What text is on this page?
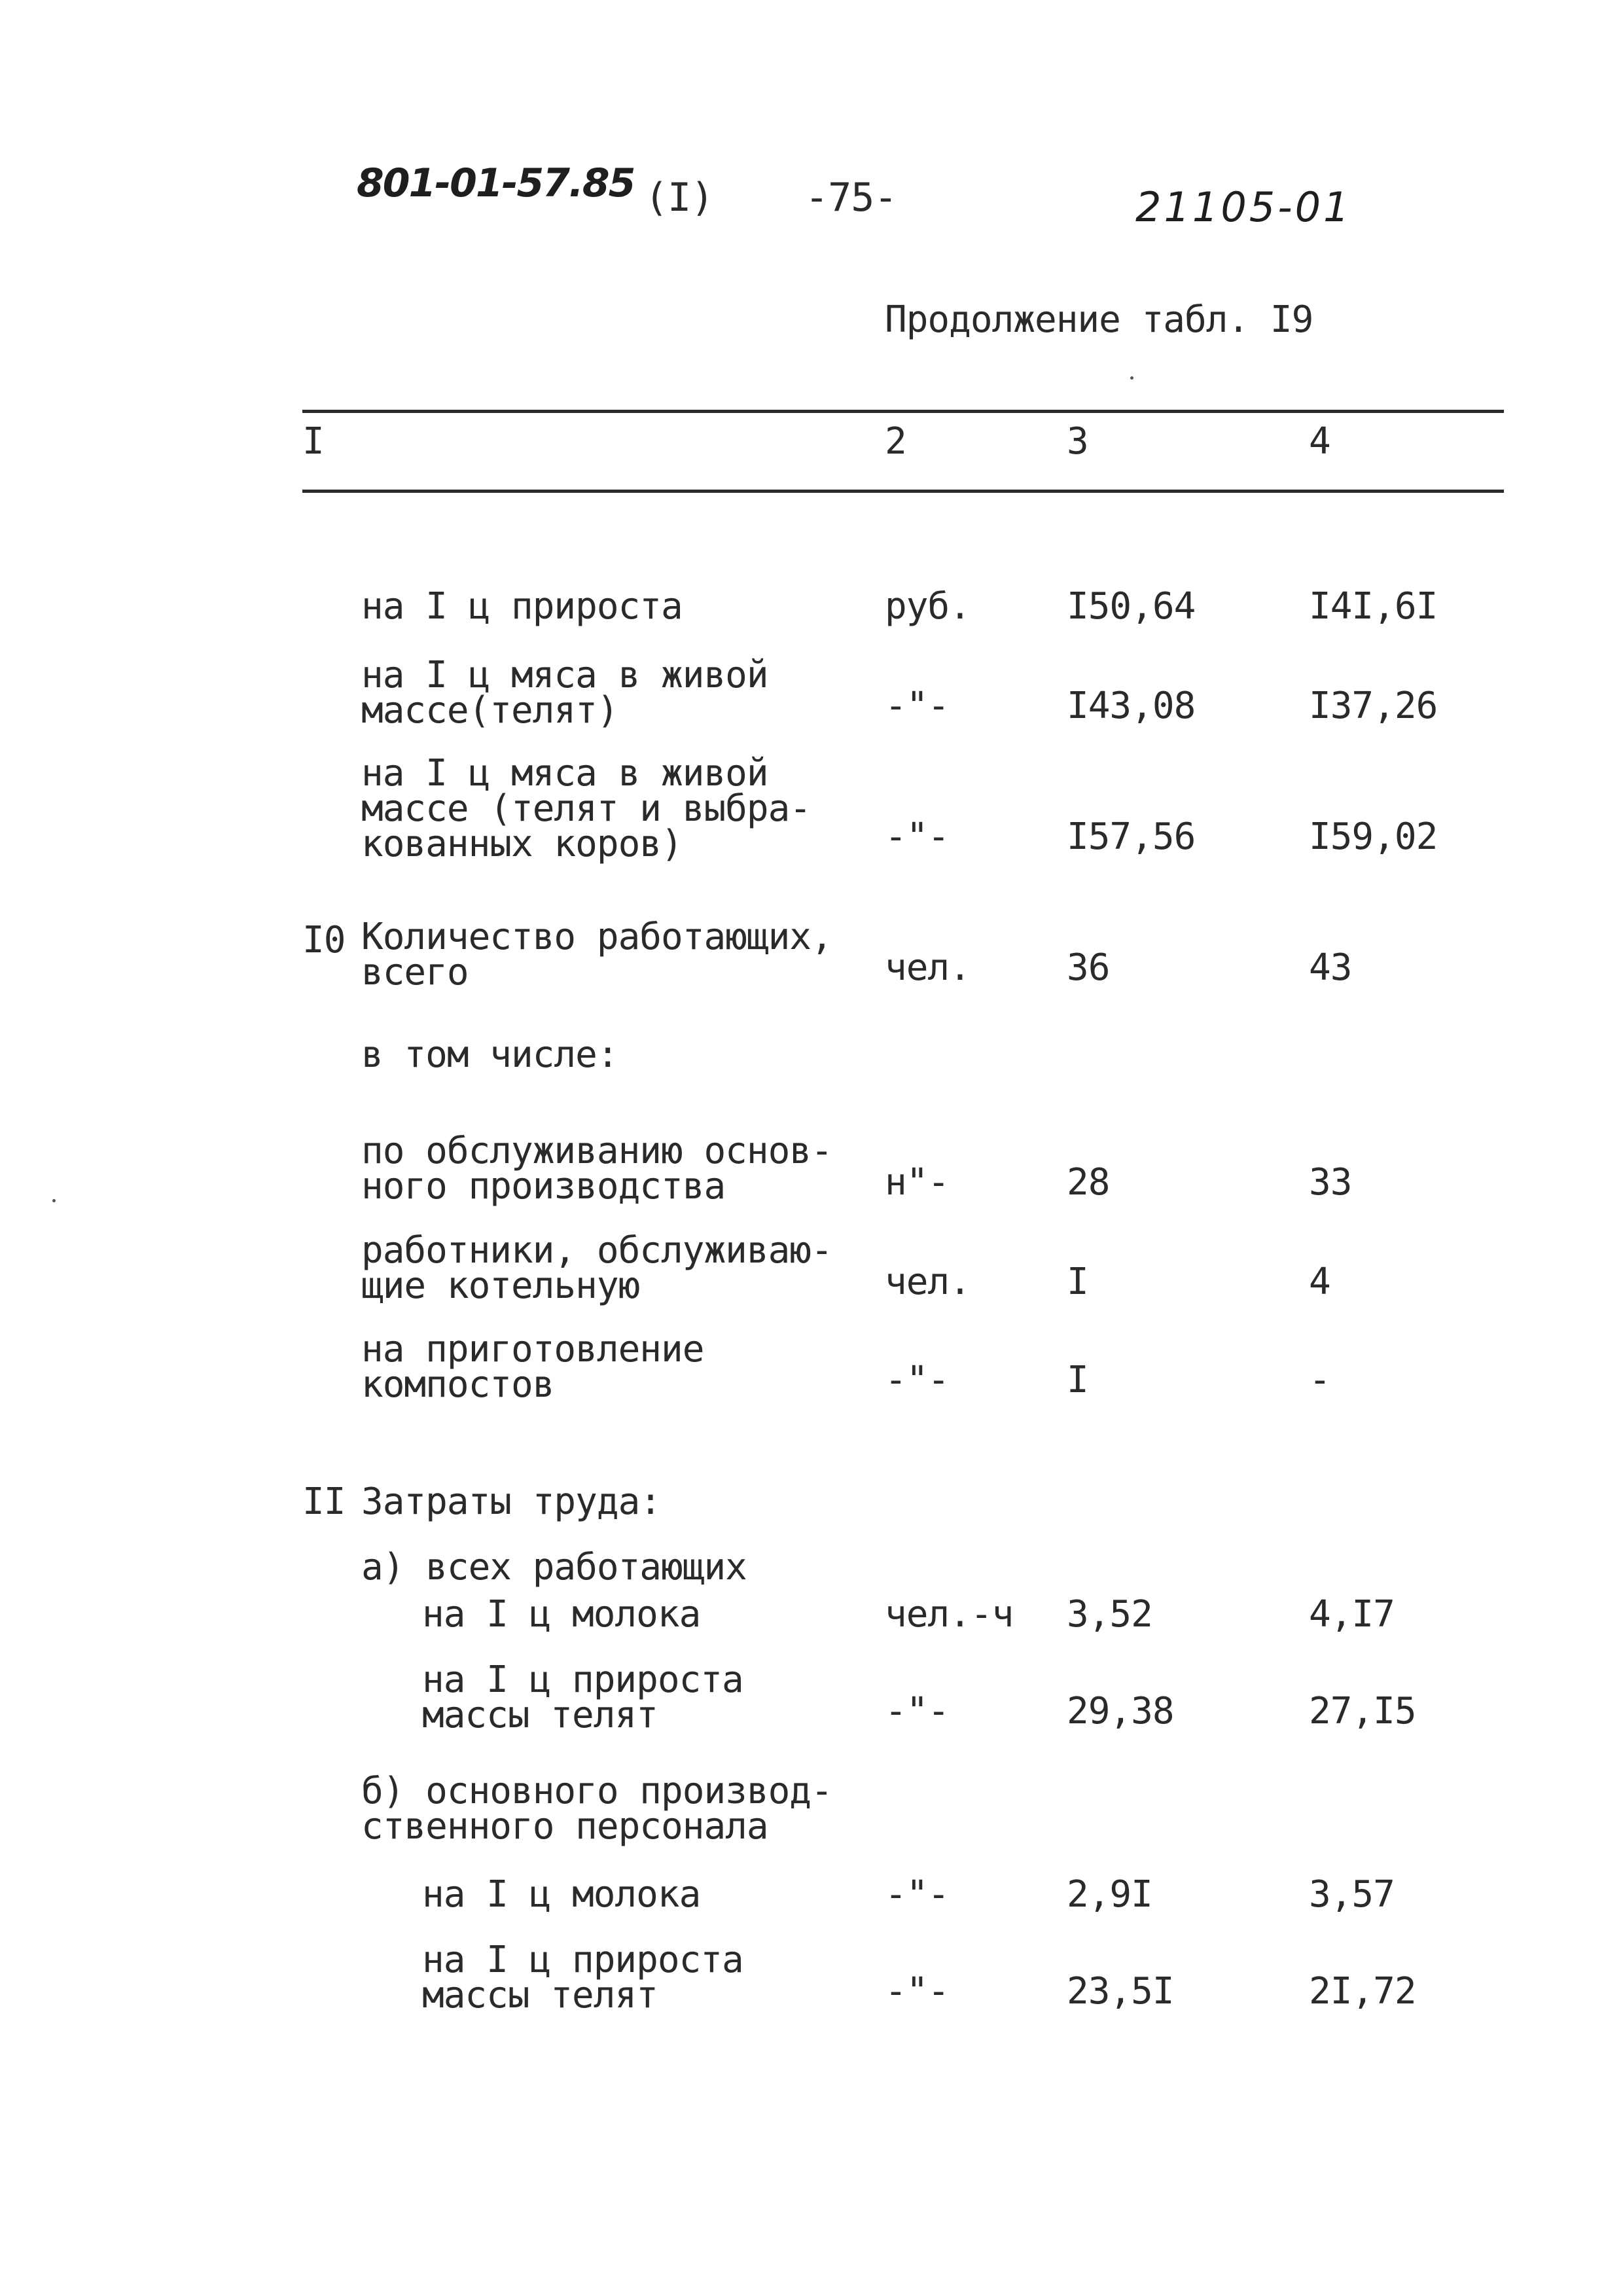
801-01-57.85 (I) -75-	21105-01
Продолжение табл. I9
I	2	3	4
на I ц прироста	руб.	I50,64	I4I,6I
на I ц мяса в живой
массе(телят)	-"-	I43,08	I37,26
на I ц мяса в живой
массе (телят и выбра-
кованных коров)	-"-	I57,56	I59,02
I0 Количество работающих,
всего	чел.	36	43
в том числе:
по обслуживанию основ-
ного производства	н"-	28	33
работники, обслуживаю-
щие котельную	чел.	I	4
на приготовление
компостов	-"-	I	-
II Затраты труда:
а) всех работающих
на I ц молока	чел.-ч 3,52	4,I7
на I ц прироста
массы телят	-"-	29,38	27,I5
б) основного производ-
ственного персонала
на I ц молока	-"-	2,9I	3,57
на I ц прироста
массы телят	-"-	23,5I	2I,72
